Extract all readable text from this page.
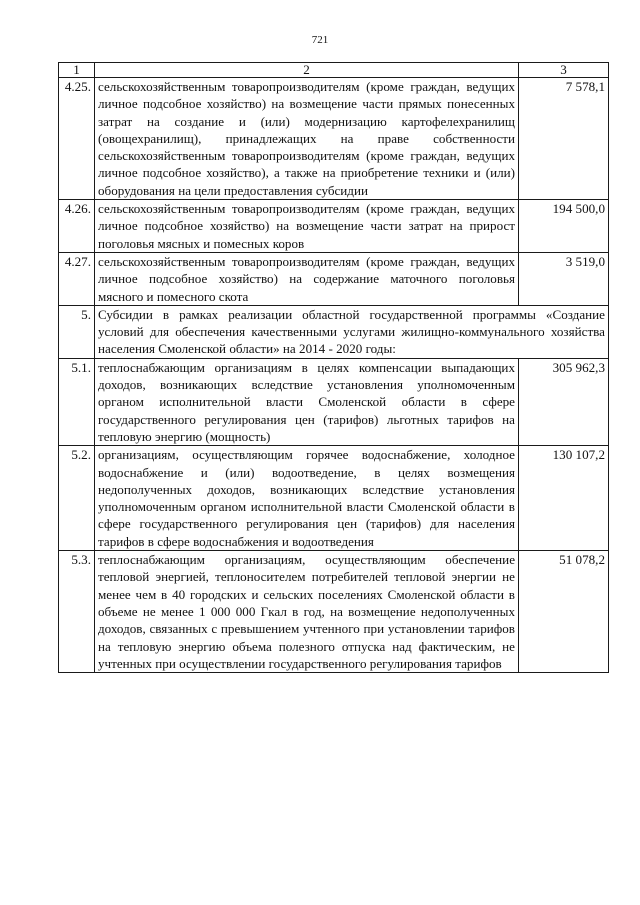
721
1	2	3
4.25.	сельскохозяйственным товаропроизводителям (кроме граждан, ведущих личное подсобное хозяйство) на возмещение части прямых понесенных затрат на создание и (или) модернизацию картофелехранилищ (овощехранилищ), принадлежащих на праве собственности сельскохозяйственным товаропроизводителям (кроме граждан, ведущих личное подсобное хозяйство), а также на приобретение техники и (или) оборудования на цели предоставления субсидии	7 578,1
4.26.	сельскохозяйственным товаропроизводителям (кроме граждан, ведущих личное подсобное хозяйство) на возмещение части затрат на прирост поголовья мясных и помесных коров	194 500,0
4.27.	сельскохозяйственным товаропроизводителям (кроме граждан, ведущих личное подсобное хозяйство) на содержание маточного поголовья мясного и помесного скота	3 519,0
5.	Субсидии в рамках реализации областной государственной программы «Создание условий для обеспечения качественными услугами жилищно-коммунального хозяйства населения Смоленской области» на 2014 - 2020 годы:	
5.1.	теплоснабжающим организациям в целях компенсации выпадающих доходов, возникающих вследствие установления уполномоченным органом исполнительной власти Смоленской области в сфере государственного регулирования цен (тарифов) льготных тарифов на тепловую энергию (мощность)	305 962,3
5.2.	организациям, осуществляющим горячее водоснабжение, холодное водоснабжение и (или) водоотведение, в целях возмещения недополученных доходов, возникающих вследствие установления уполномоченным органом исполнительной власти Смоленской области в сфере государственного регулирования цен (тарифов) для населения тарифов в сфере водоснабжения и водоотведения	130 107,2
5.3.	теплоснабжающим организациям, осуществляющим обеспечение тепловой энергией, теплоносителем потребителей тепловой энергии не менее чем в 40 городских и сельских поселениях Смоленской области в объеме не менее 1 000 000 Гкал в год, на возмещение недополученных доходов, связанных с превышением учтенного при установлении тарифов на тепловую энергию объема полезного отпуска над фактическим, не учтенных при осуществлении государственного регулирования тарифов	51 078,2
